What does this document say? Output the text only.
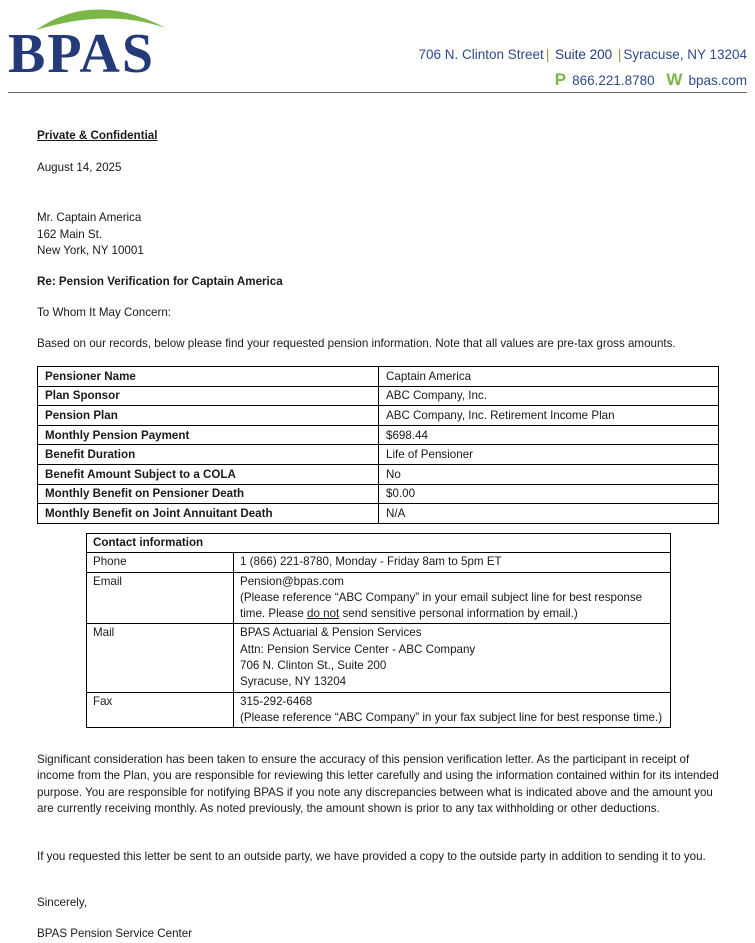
BPAS	706 N. Clinton Street | Suite 200 | Syracuse, NY 13204
P 866.221.8780 W bpas.com
Private & Confidential
August 14, 2025
Mr. Captain America
162 Main St.
New York, NY 10001
Re: Pension Verification for Captain America
To Whom It May Concern:
Based on our records, below please find your requested pension information. Note that all values are pre-tax gross amounts.
Pensioner Name	Captain America
Plan Sponsor	ABC Company, Inc.
Pension Plan	ABC Company, Inc. Retirement Income Plan
Monthly Pension Payment	$698.44
Benefit Duration	Life of Pensioner
Benefit Amount Subject to a COLA	No
Monthly Benefit on Pensioner Death	$0.00
Monthly Benefit on Joint Annuitant Death	N/A
Contact information	
Phone	1 (866) 221-8780, Monday - Friday 8am to 5pm ET
Email	Pension@bpas.com
(Please reference “ABC Company” in your email subject line for best response time. Please do not send sensitive personal information by email.)

Mail	BPAS Actuarial & Pension Services
Attn: Pension Service Center - ABC Company
706 N. Clinton St., Suite 200
Syracuse, NY 13204

Fax	315-292-6468
(Please reference “ABC Company” in your fax subject line for best response time.)
Significant consideration has been taken to ensure the accuracy of this pension verification letter. As the participant in receipt of income from the Plan, you are responsible for reviewing this letter carefully and using the information contained within for its intended purpose. You are responsible for notifying BPAS if you note any discrepancies between what is indicated above and the amount you are currently receiving monthly. As noted previously, the amount shown is prior to any tax withholding or other deductions.
If you requested this letter be sent to an outside party, we have provided a copy to the outside party in addition to sending it to you.
Sincerely,
BPAS Pension Service Center
